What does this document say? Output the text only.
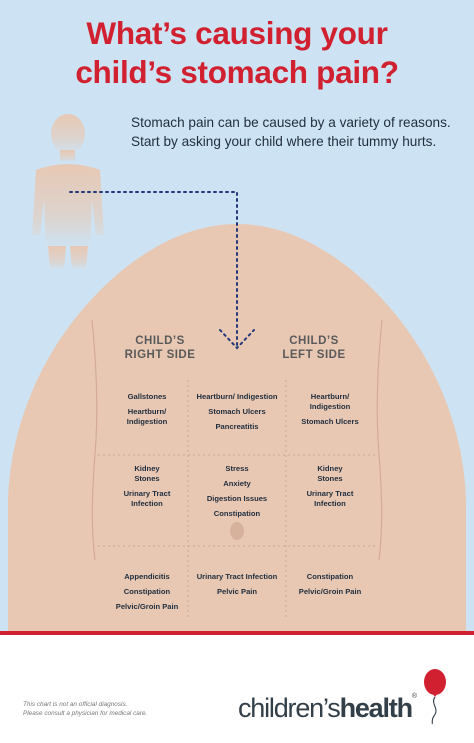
What’s causing your
child’s stomach pain?
Stomach pain can be caused by a variety of reasons. Start by asking your child where their tummy hurts.
CHILD’S
RIGHT SIDE
CHILD’S
LEFT SIDE
Gallstones
Heartburn/ Indigestion
Heartburn/ Indigestion
Stomach Ulcers
Pancreatitis
Heartburn/ Indigestion
Stomach Ulcers
Kidney Stones
Urinary Tract Infection
Stress
Anxiety
Digestion Issues
Constipation
Kidney Stones
Urinary Tract Infection
Appendicitis
Constipation
Pelvic/Groin Pain
Urinary Tract Infection
Pelvic Pain
Constipation
Pelvic/Groin Pain
This chart is not an official diagnosis.
Please consult a physician for medical care.	children’shealth®
